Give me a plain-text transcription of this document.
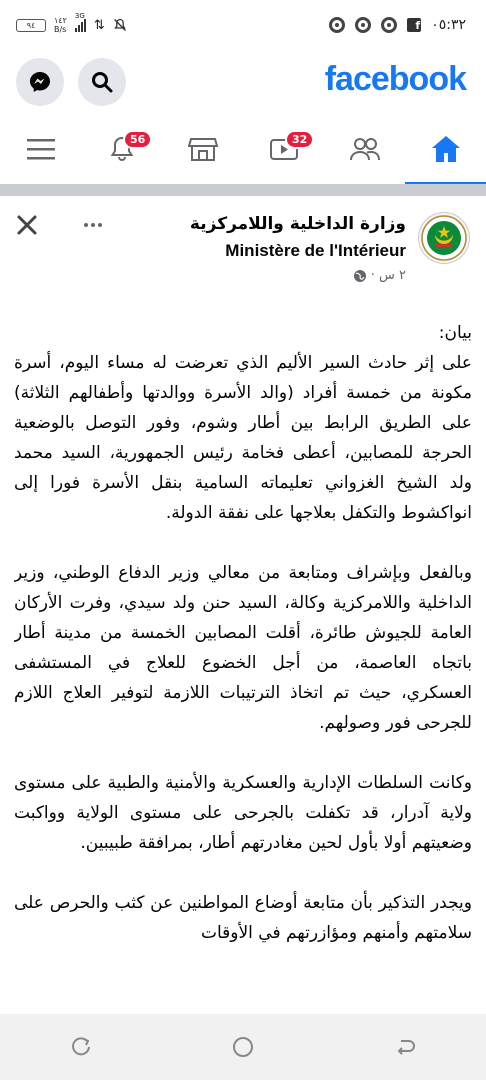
٩٤ ١٤٢
B/s
3G
⇅	f ٠٥:٣٢
facebook
56	32
وزارة الداخلية واللامركزية
Ministère de l'Intérieur
٢ س ·

بيان:

على إثر حادث السير الأليم الذي تعرضت له مساء اليوم، أسرة مكونة من خمسة أفراد (والد الأسرة ووالدتها وأطفالهم الثلاثة) على الطريق الرابط بين أطار وشوم، وفور التوصل بالوضعية الحرجة للمصابين، أعطى فخامة رئيس الجمهورية، السيد محمد ولد الشيخ الغزواني تعليماته السامية بنقل الأسرة فورا إلى انواكشوط والتكفل بعلاجها على نفقة الدولة.

وبالفعل وبإشراف ومتابعة من معالي وزير الدفاع الوطني، وزير الداخلية واللامركزية وكالة، السيد حنن ولد سيدي، وفرت الأركان العامة للجيوش طائرة، أقلت المصابين الخمسة من مدينة أطار باتجاه العاصمة، من أجل الخضوع للعلاج في المستشفى العسكري، حيث تم اتخاذ الترتيبات اللازمة لتوفير العلاج اللازم للجرحى فور وصولهم.

وكانت السلطات الإدارية والعسكرية والأمنية والطبية على مستوى ولاية آدرار، قد تكفلت بالجرحى على مستوى الولاية وواكبت وضعيتهم أولا بأول لحين مغادرتهم أطار، بمرافقة طبيبين.

ويجدر التذكير بأن متابعة أوضاع المواطنين عن كثب والحرص على سلامتهم وأمنهم ومؤازرتهم في الأوقات
